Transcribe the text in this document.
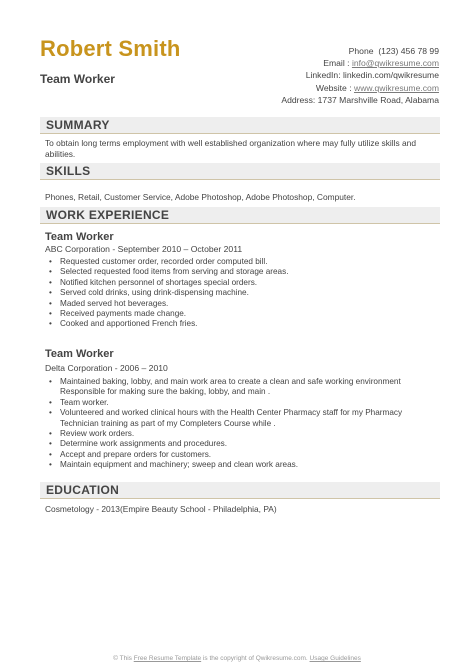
Robert Smith
Team Worker
Phone (123) 456 78 99
Email : info@qwikresume.com
LinkedIn: linkedin.com/qwikresume
Website : www.qwikresume.com
Address: 1737 Marshville Road, Alabama
SUMMARY
To obtain long terms employment with well established organization where may fully utilize skills and abilities.
SKILLS
Phones, Retail, Customer Service, Adobe Photoshop, Adobe Photoshop, Computer.
WORK EXPERIENCE
Team Worker
ABC Corporation - September 2010 – October 2011
• Requested customer order, recorded order computed bill.
• Selected requested food items from serving and storage areas.
• Notified kitchen personnel of shortages special orders.
• Served cold drinks, using drink-dispensing machine.
• Maded served hot beverages.
• Received payments made change.
• Cooked and apportioned French fries.
Team Worker
Delta Corporation - 2006 – 2010
• Maintained baking, lobby, and main work area to create a clean and safe working environment Responsible for making sure the baking, lobby, and main .
• Team worker.
• Volunteered and worked clinical hours with the Health Center Pharmacy staff for my Pharmacy Technician training as part of my Completers Course while .
• Review work orders.
• Determine work assignments and procedures.
• Accept and prepare orders for customers.
• Maintain equipment and machinery; sweep and clean work areas.
EDUCATION
Cosmetology - 2013(Empire Beauty School - Philadelphia, PA)
© This Free Resume Template is the copyright of Qwikresume.com. Usage Guidelines
